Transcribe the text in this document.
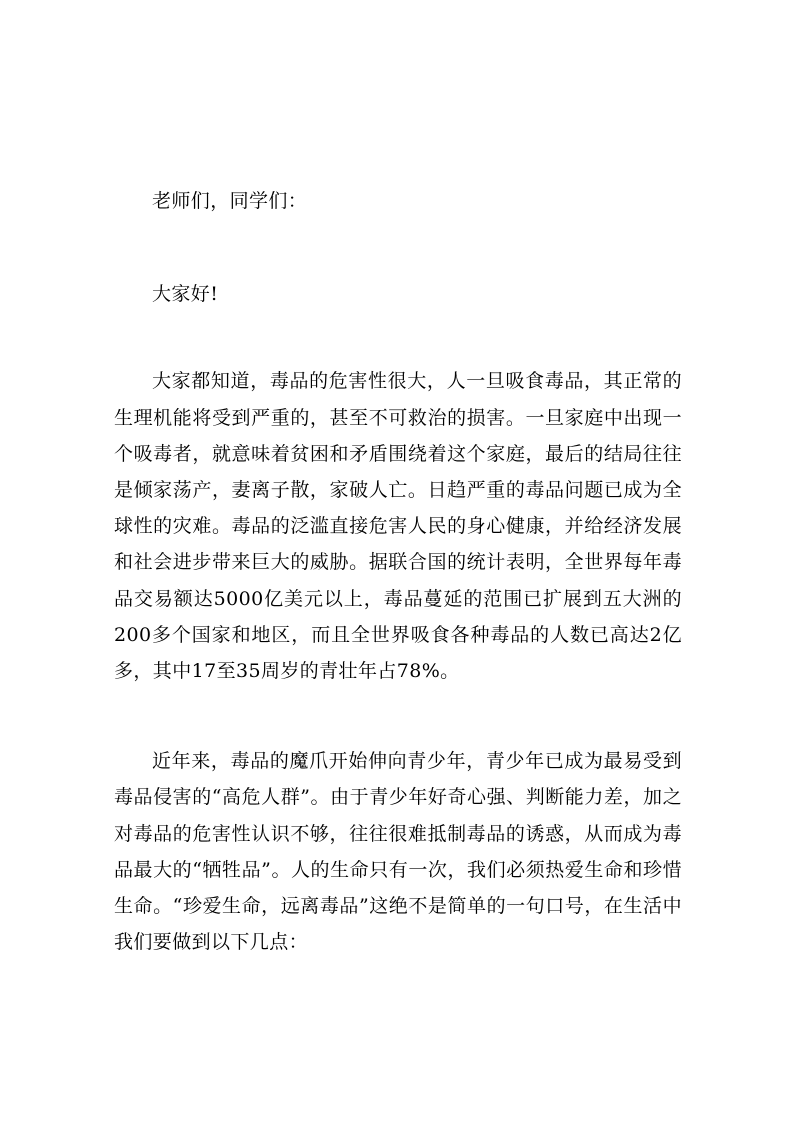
老师们，同学们：

大家好!

大家都知道，毒品的危害性很大，人一旦吸食毒品，其正常的生理机能将受到严重的，甚至不可救治的损害。一旦家庭中出现一个吸毒者，就意味着贫困和矛盾围绕着这个家庭，最后的结局往往是倾家荡产，妻离子散，家破人亡。日趋严重的毒品问题已成为全球性的灾难。毒品的泛滥直接危害人民的身心健康，并给经济发展和社会进步带来巨大的威胁。据联合国的统计表明，全世界每年毒品交易额达5000亿美元以上，毒品蔓延的范围已扩展到五大洲的200多个国家和地区，而且全世界吸食各种毒品的人数已高达2亿多，其中17至35周岁的青壮年占78%。

近年来，毒品的魔爪开始伸向青少年，青少年已成为最易受到毒品侵害的“高危人群”。由于青少年好奇心强、判断能力差，加之对毒品的危害性认识不够，往往很难抵制毒品的诱惑，从而成为毒品最大的“牺牲品”。人的生命只有一次，我们必须热爱生命和珍惜生命。“珍爱生命，远离毒品”这绝不是简单的一句口号，在生活中我们要做到以下几点：
